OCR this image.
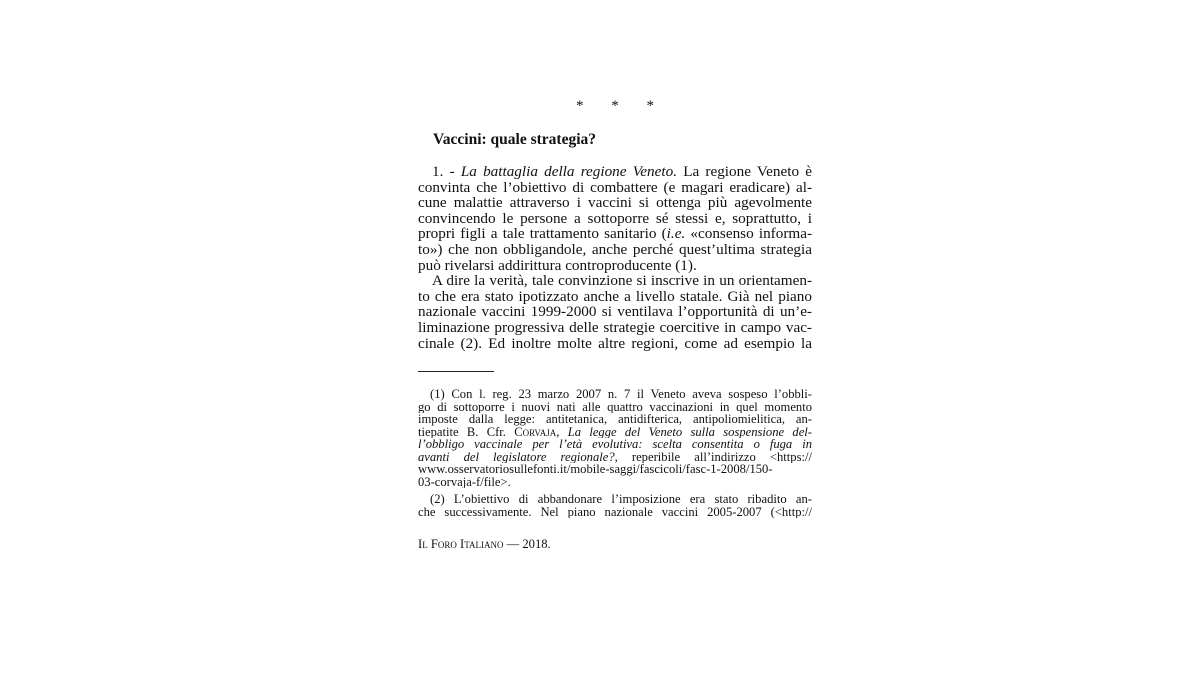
* * *
Vaccini: quale strategia?
1. - La battaglia della regione Veneto. La regione Veneto è
convinta che l’obiettivo di combattere (e magari eradicare) al-
cune malattie attraverso i vaccini si ottenga più agevolmente
convincendo le persone a sottoporre sé stessi e, soprattutto, i
propri figli a tale trattamento sanitario (i.e. «consenso informa-
to») che non obbligandole, anche perché quest’ultima strategia
può rivelarsi addirittura controproducente (1).
A dire la verità, tale convinzione si inscrive in un orientamen-
to che era stato ipotizzato anche a livello statale. Già nel piano
nazionale vaccini 1999-2000 si ventilava l’opportunità di un’e-
liminazione progressiva delle strategie coercitive in campo vac-
cinale (2). Ed inoltre molte altre regioni, come ad esempio la
(1) Con l. reg. 23 marzo 2007 n. 7 il Veneto aveva sospeso l’obbli-
go di sottoporre i nuovi nati alle quattro vaccinazioni in quel momento
imposte dalla legge: antitetanica, antidifterica, antipoliomielitica, an-
tiepatite B. Cfr. Corvaja, La legge del Veneto sulla sospensione del-
l’obbligo vaccinale per l’età evolutiva: scelta consentita o fuga in
avanti del legislatore regionale?, reperibile all’indirizzo <https://
www.osservatoriosullefonti.it/mobile-saggi/fascicoli/fasc-1-2008/150-
03-corvaja-f/file>.
(2) L’obiettivo di abbandonare l’imposizione era stato ribadito an-
che successivamente. Nel piano nazionale vaccini 2005-2007 (<http://
Il Foro Italiano — 2018.
